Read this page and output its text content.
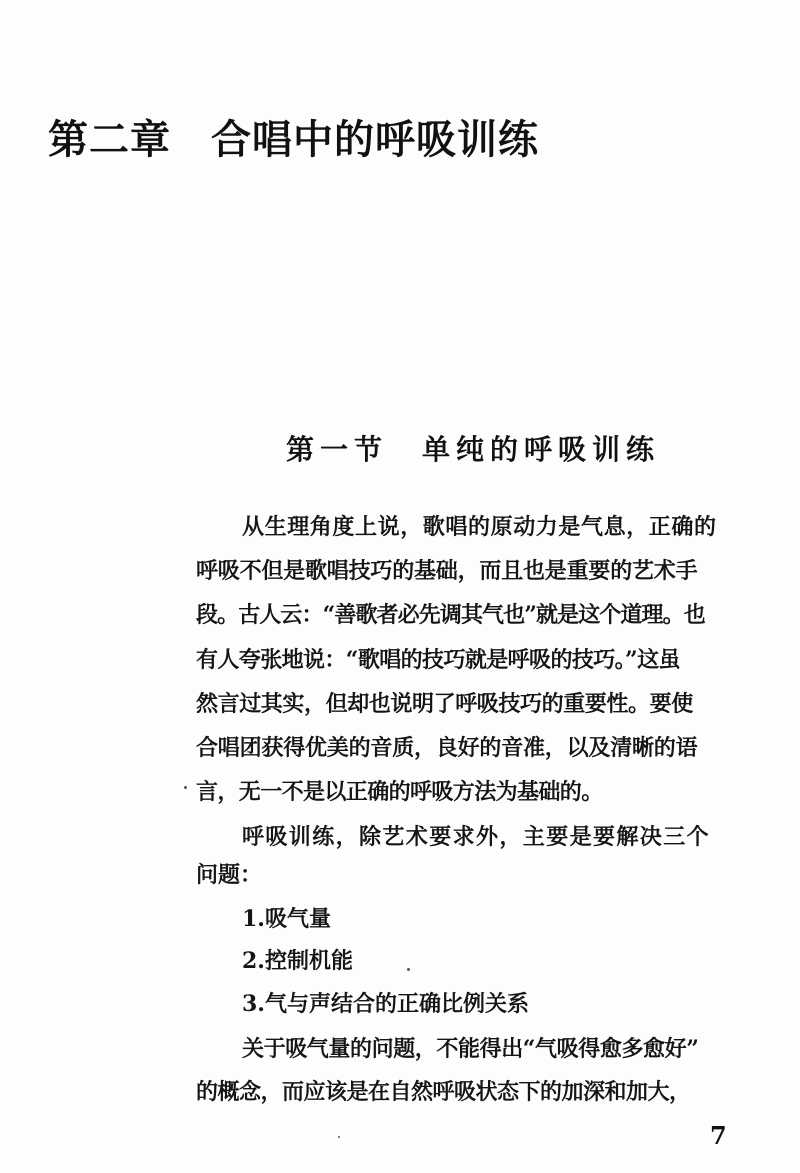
第二章 合唱中的呼吸训练
第一节 单纯的呼吸训练
从生理角度上说，歌唱的原动力是气息，正确的
呼吸不但是歌唱技巧的基础，而且也是重要的艺术手
段。古人云：“善歌者必先调其气也”就是这个道理。也
有人夸张地说：“歌唱的技巧就是呼吸的技巧。”这虽
然言过其实，但却也说明了呼吸技巧的重要性。要使
合唱团获得优美的音质，良好的音准，以及清晰的语
言，无一不是以正确的呼吸方法为基础的。
呼吸训练，除艺术要求外，主要是要解决三个
问题：
1.吸气量
2.控制机能
3.气与声结合的正确比例关系
关于吸气量的问题，不能得出“气吸得愈多愈好”
的概念，而应该是在自然呼吸状态下的加深和加大，
7
